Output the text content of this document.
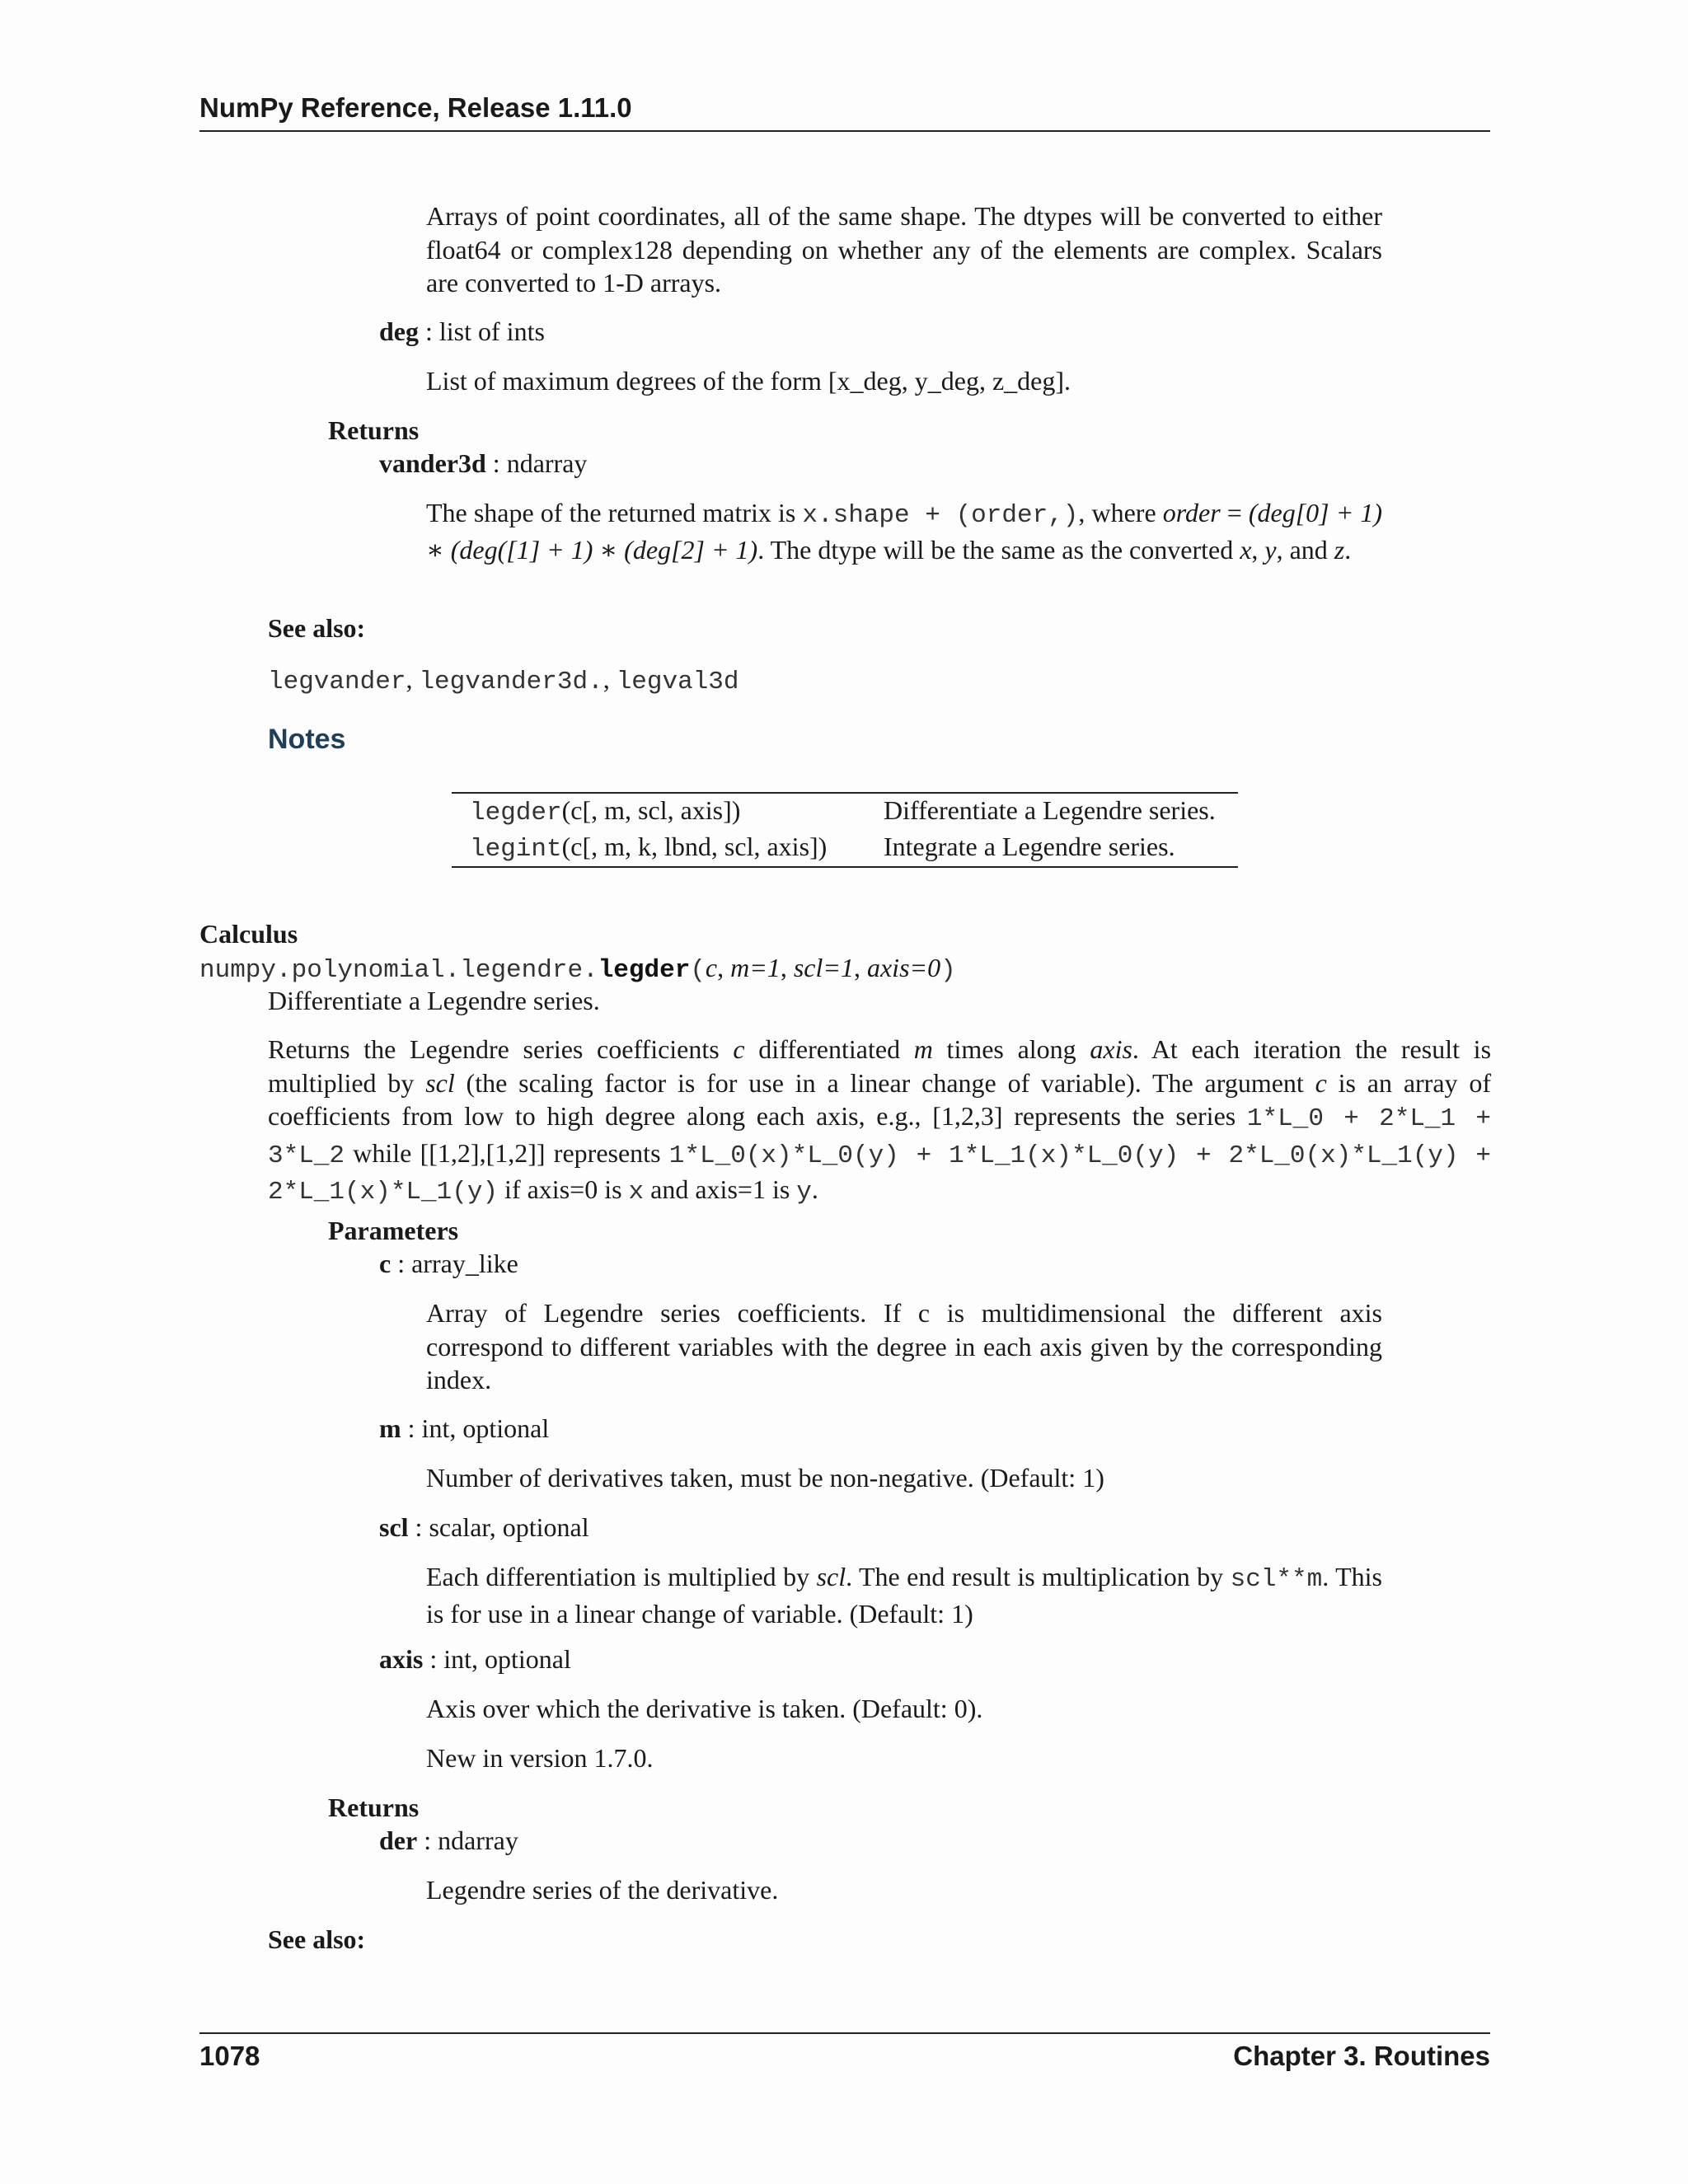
NumPy Reference, Release 1.11.0
Arrays of point coordinates, all of the same shape. The dtypes will be converted to either float64 or complex128 depending on whether any of the elements are complex. Scalars are converted to 1-D arrays.
deg : list of ints
List of maximum degrees of the form [x_deg, y_deg, z_deg].
Returns
vander3d : ndarray
The shape of the returned matrix is x.shape + (order,), where order = (deg[0] + 1) ∗ (deg([1] + 1) ∗ (deg[2] + 1). The dtype will be the same as the converted x, y, and z.
See also:
legvander, legvander3d., legval3d
Notes
legder(c[, m, scl, axis])	Differentiate a Legendre series.
legint(c[, m, k, lbnd, scl, axis])	Integrate a Legendre series.
Calculus
numpy.polynomial.legendre.legder(c, m=1, scl=1, axis=0)
Differentiate a Legendre series.
Returns the Legendre series coefficients c differentiated m times along axis. At each iteration the result is multiplied by scl (the scaling factor is for use in a linear change of variable). The argument c is an array of coefficients from low to high degree along each axis, e.g., [1,2,3] represents the series 1*L_0 + 2*L_1 + 3*L_2 while [[1,2],[1,2]] represents 1*L_0(x)*L_0(y) + 1*L_1(x)*L_0(y) + 2*L_0(x)*L_1(y) + 2*L_1(x)*L_1(y) if axis=0 is x and axis=1 is y.
Parameters
c : array_like
Array of Legendre series coefficients. If c is multidimensional the different axis correspond to different variables with the degree in each axis given by the corresponding index.
m : int, optional
Number of derivatives taken, must be non-negative. (Default: 1)
scl : scalar, optional
Each differentiation is multiplied by scl. The end result is multiplication by scl**m. This is for use in a linear change of variable. (Default: 1)
axis : int, optional
Axis over which the derivative is taken. (Default: 0).
New in version 1.7.0.
Returns
der : ndarray
Legendre series of the derivative.
See also:
1078	Chapter 3. Routines
